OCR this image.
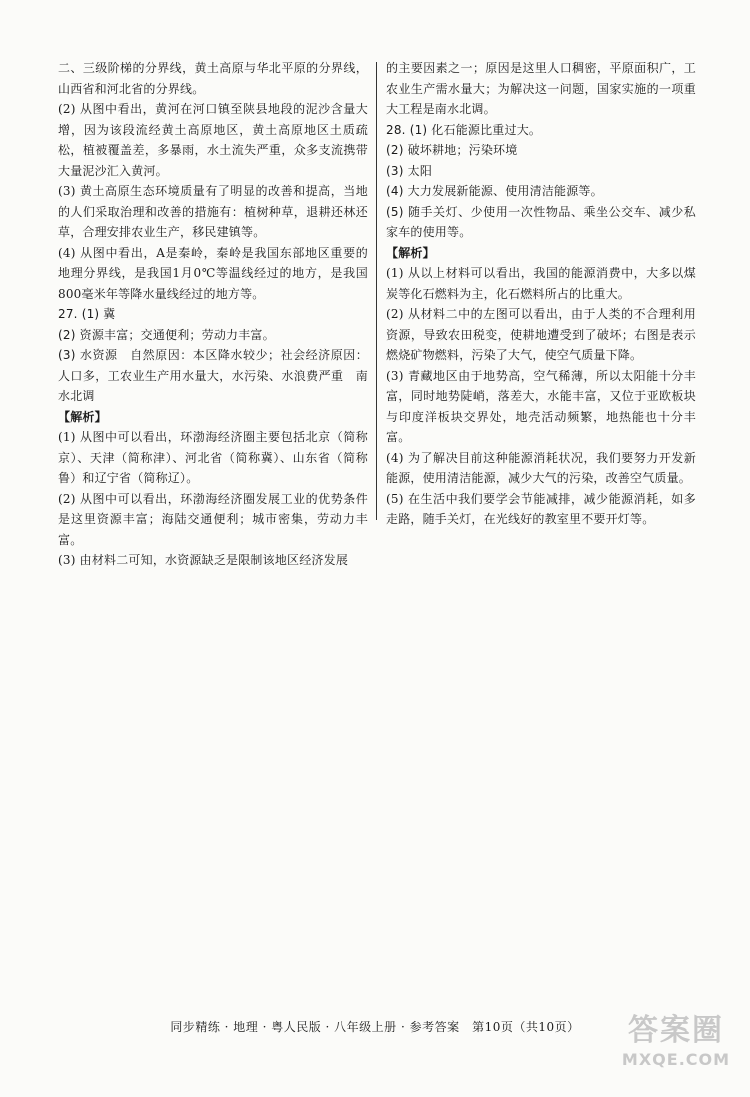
二、三级阶梯的分界线，黄土高原与华北平原的分界线，山西省和河北省的分界线。

(2) 从图中看出，黄河在河口镇至陕县地段的泥沙含量大增，因为该段流经黄土高原地区，黄土高原地区土质疏松，植被覆盖差，多暴雨，水土流失严重，众多支流携带大量泥沙汇入黄河。

(3) 黄土高原生态环境质量有了明显的改善和提高，当地的人们采取治理和改善的措施有：植树种草，退耕还林还草，合理安排农业生产，移民建镇等。

(4) 从图中看出，A是秦岭，秦岭是我国东部地区重要的地理分界线，是我国1月0℃等温线经过的地方，是我国800毫米年等降水量线经过的地方等。

27. (1) 冀

(2) 资源丰富；交通便利；劳动力丰富。

(3) 水资源　自然原因：本区降水较少；社会经济原因：人口多，工农业生产用水量大，水污染、水浪费严重　南水北调

【解析】

(1) 从图中可以看出，环渤海经济圈主要包括北京（简称京）、天津（简称津）、河北省（简称冀）、山东省（简称鲁）和辽宁省（简称辽）。

(2) 从图中可以看出，环渤海经济圈发展工业的优势条件是这里资源丰富；海陆交通便利；城市密集，劳动力丰富。

(3) 由材料二可知，水资源缺乏是限制该地区经济发展

的主要因素之一；原因是这里人口稠密，平原面积广，工农业生产需水量大；为解决这一问题，国家实施的一项重大工程是南水北调。

28. (1) 化石能源比重过大。

(2) 破坏耕地；污染环境

(3) 太阳

(4) 大力发展新能源、使用清洁能源等。

(5) 随手关灯、少使用一次性物品、乘坐公交车、减少私家车的使用等。

【解析】

(1) 从以上材料可以看出，我国的能源消费中，大多以煤炭等化石燃料为主，化石燃料所占的比重大。

(2) 从材料二中的左图可以看出，由于人类的不合理利用资源，导致农田税变，使耕地遭受到了破坏；右图是表示燃烧矿物燃料，污染了大气，使空气质量下降。

(3) 青藏地区由于地势高，空气稀薄，所以太阳能十分丰富，同时地势陡峭，落差大，水能丰富，又位于亚欧板块与印度洋板块交界处，地壳活动频繁，地热能也十分丰富。

(4) 为了解决目前这种能源消耗状况，我们要努力开发新能源，使用清洁能源，减少大气的污染，改善空气质量。

(5) 在生活中我们要学会节能减排，减少能源消耗，如多走路，随手关灯，在光线好的教室里不要开灯等。

同步精练 · 地理 · 粤人民版 · 八年级上册 · 参考答案　第10页（共10页）	答案圈
MXQE.COM
